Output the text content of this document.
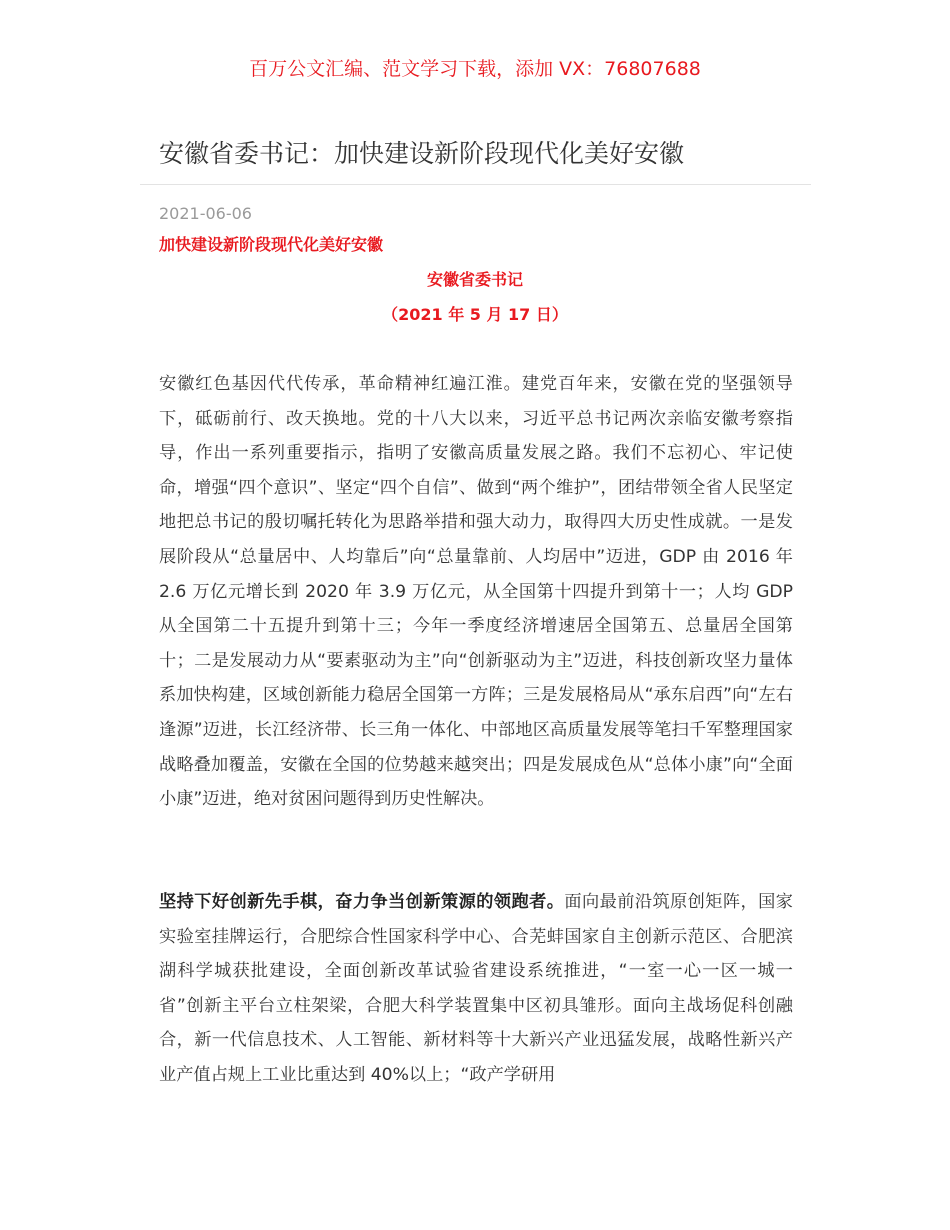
百万公文汇编、范文学习下载，添加 VX：76807688
安徽省委书记：加快建设新阶段现代化美好安徽
2021-06-06
加快建设新阶段现代化美好安徽
安徽省委书记
（2021 年 5 月 17 日）

安徽红色基因代代传承，革命精神红遍江淮。建党百年来，安徽在党的坚强领导下，砥砺前行、改天换地。党的十八大以来，习近平总书记两次亲临安徽考察指导，作出一系列重要指示，指明了安徽高质量发展之路。我们不忘初心、牢记使命，增强“四个意识”、坚定“四个自信”、做到“两个维护”，团结带领全省人民坚定地把总书记的殷切嘱托转化为思路举措和强大动力，取得四大历史性成就。一是发展阶段从“总量居中、人均靠后”向“总量靠前、人均居中”迈进，GDP 由 2016 年 2.6 万亿元增长到 2020 年 3.9 万亿元，从全国第十四提升到第十一；人均 GDP 从全国第二十五提升到第十三；今年一季度经济增速居全国第五、总量居全国第十；二是发展动力从“要素驱动为主”向“创新驱动为主”迈进，科技创新攻坚力量体系加快构建，区域创新能力稳居全国第一方阵；三是发展格局从“承东启西”向“左右逢源”迈进，长江经济带、长三角一体化、中部地区高质量发展等笔扫千军整理国家战略叠加覆盖，安徽在全国的位势越来越突出；四是发展成色从“总体小康”向“全面小康”迈进，绝对贫困问题得到历史性解决。

坚持下好创新先手棋，奋力争当创新策源的领跑者。面向最前沿筑原创矩阵，国家实验室挂牌运行，合肥综合性国家科学中心、合芜蚌国家自主创新示范区、合肥滨湖科学城获批建设，全面创新改革试验省建设系统推进，“一室一心一区一城一省”创新主平台立柱架梁，合肥大科学装置集中区初具雏形。面向主战场促科创融合，新一代信息技术、人工智能、新材料等十大新兴产业迅猛发展，战略性新兴产业产值占规上工业比重达到 40%以上；“政产学研用
